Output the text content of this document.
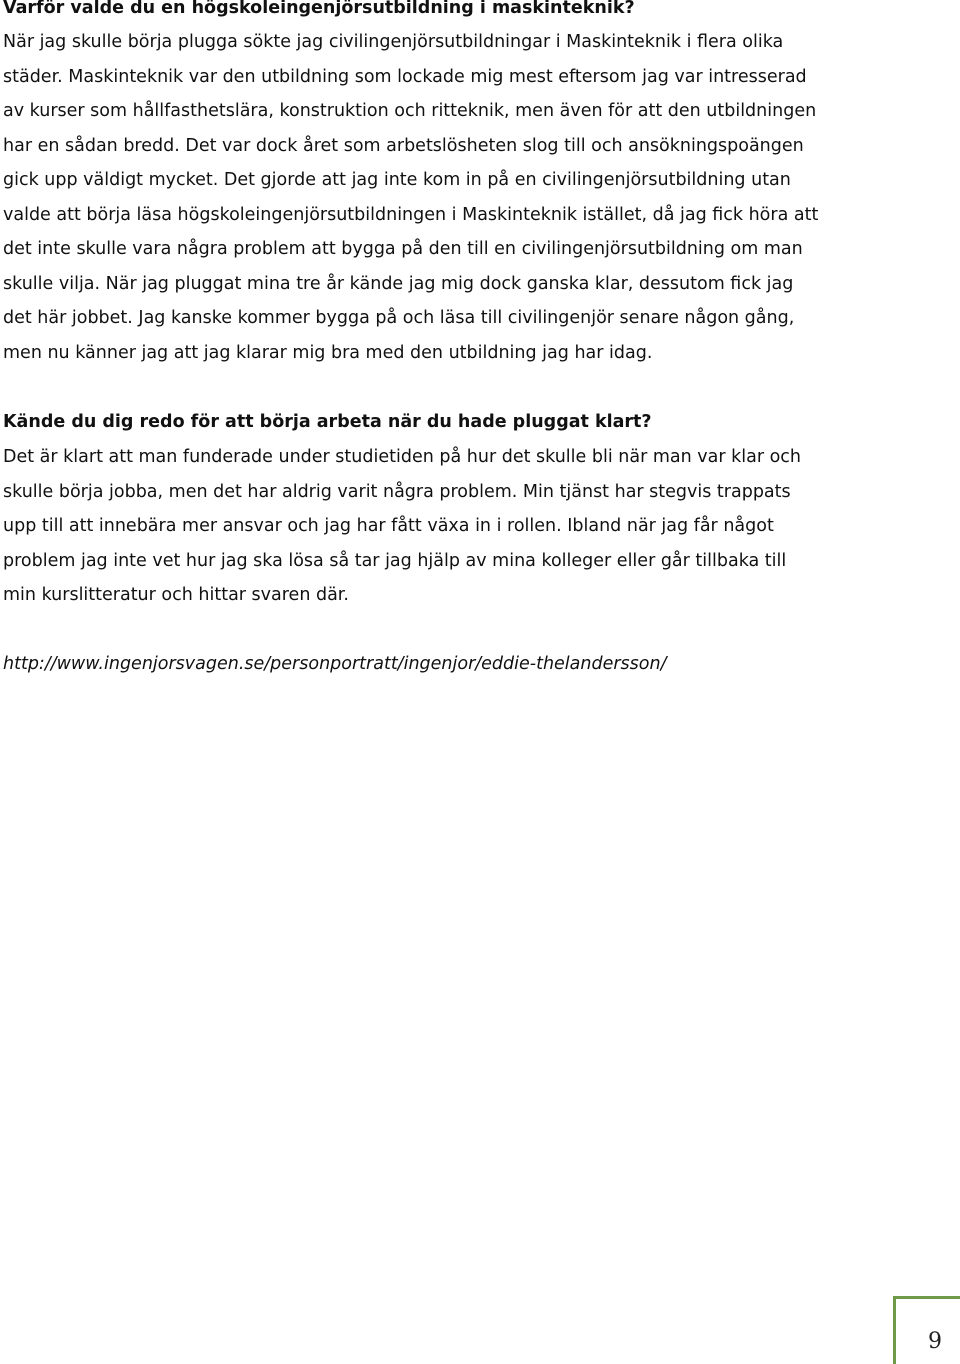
Varför valde du en högskoleingenjörsutbildning i maskinteknik?

När jag skulle börja plugga sökte jag civilingenjörsutbildningar i Maskinteknik i flera olika

städer. Maskinteknik var den utbildning som lockade mig mest eftersom jag var intresserad

av kurser som hållfasthetslära, konstruktion och ritteknik, men även för att den utbildningen

har en sådan bredd. Det var dock året som arbetslösheten slog till och ansökningspoängen

gick upp väldigt mycket. Det gjorde att jag inte kom in på en civilingenjörsutbildning utan

valde att börja läsa högskoleingenjörsutbildningen i Maskinteknik istället, då jag fick höra att

det inte skulle vara några problem att bygga på den till en civilingenjörsutbildning om man

skulle vilja. När jag pluggat mina tre år kände jag mig dock ganska klar, dessutom fick jag

det här jobbet. Jag kanske kommer bygga på och läsa till civilingenjör senare någon gång,

men nu känner jag att jag klarar mig bra med den utbildning jag har idag.

Kände du dig redo för att börja arbeta när du hade pluggat klart?

Det är klart att man funderade under studietiden på hur det skulle bli när man var klar och

skulle börja jobba, men det har aldrig varit några problem. Min tjänst har stegvis trappats

upp till att innebära mer ansvar och jag har fått växa in i rollen. Ibland när jag får något

problem jag inte vet hur jag ska lösa så tar jag hjälp av mina kolleger eller går tillbaka till

min kurslitteratur och hittar svaren där.

http://www.ingenjorsvagen.se/personportratt/ingenjor/eddie-thelandersson/
9
